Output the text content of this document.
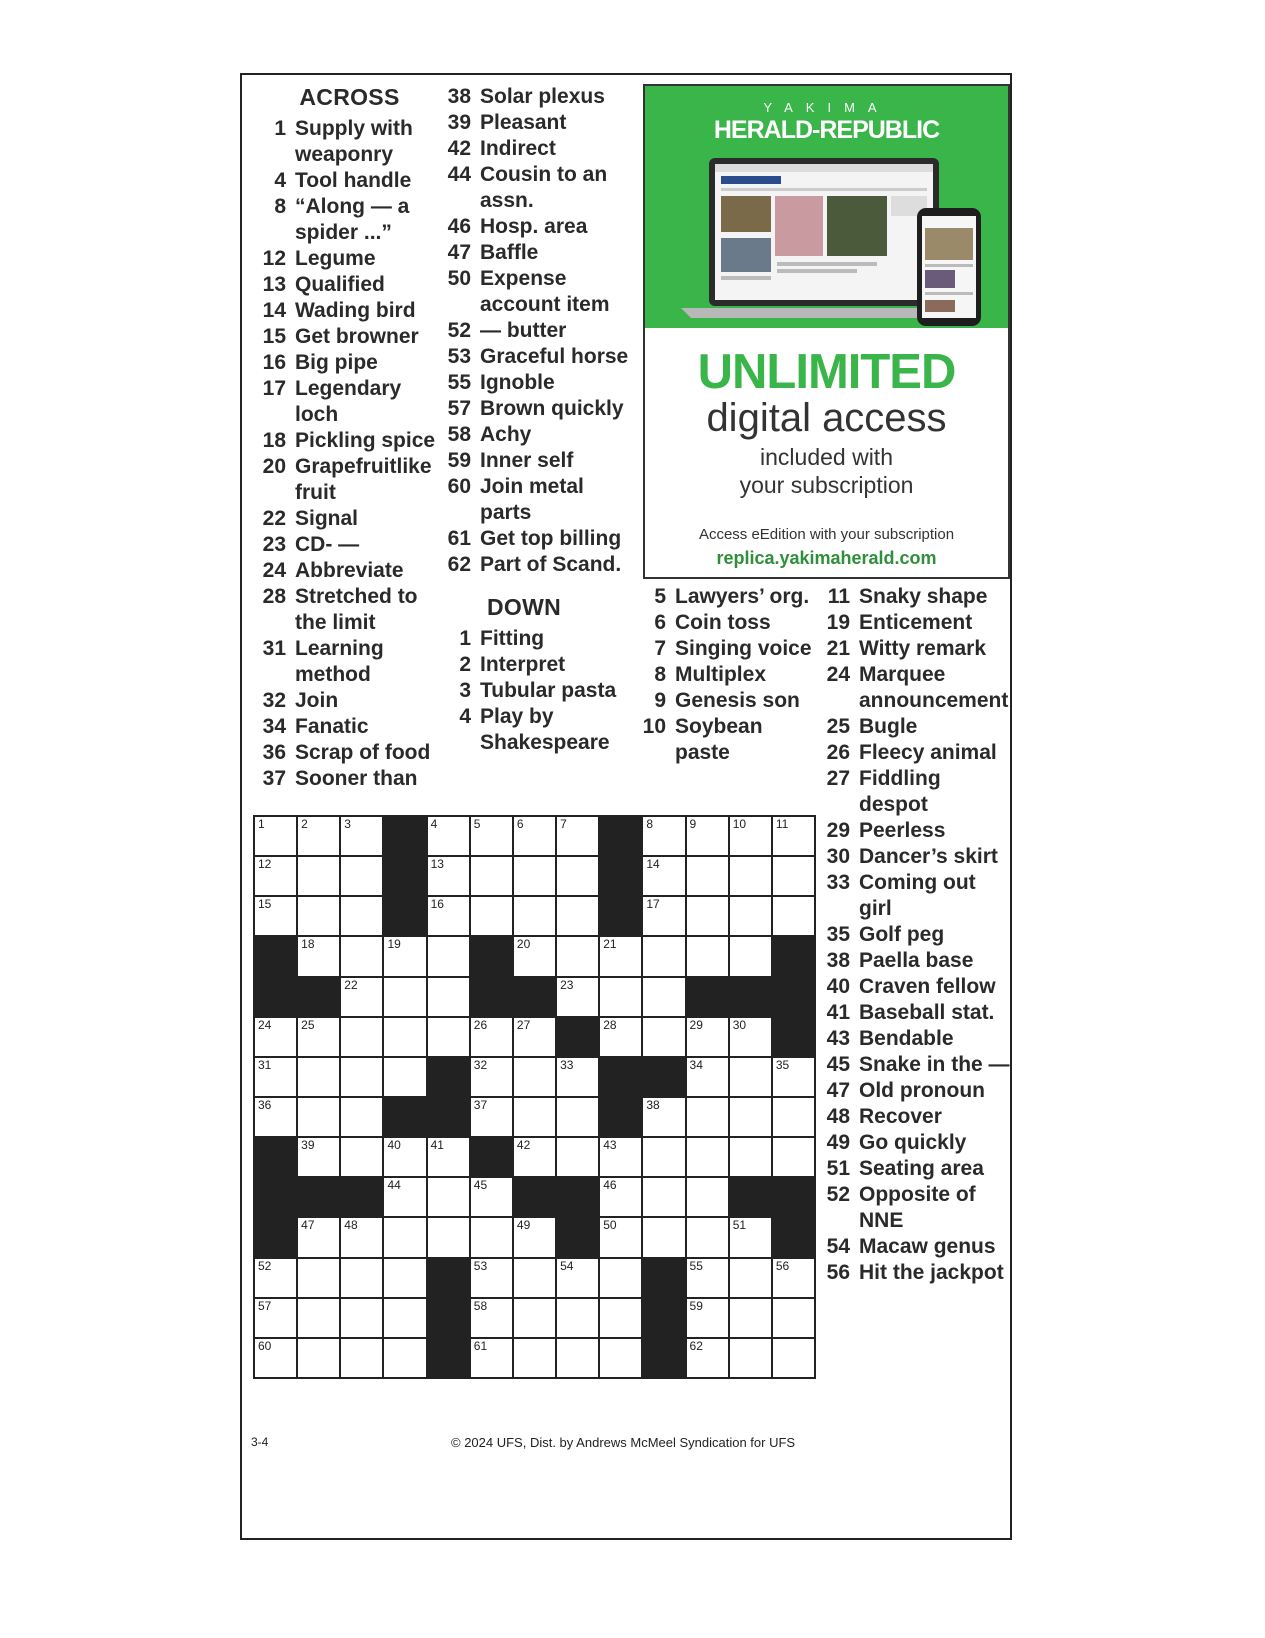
ACROSS
1 Supply with weaponry
4 Tool handle
8 “Along — a spider ...”
12 Legume
13 Qualified
14 Wading bird
15 Get browner
16 Big pipe
17 Legendary loch
18 Pickling spice
20 Grapefruitlike fruit
22 Signal
23 CD- —
24 Abbreviate
28 Stretched to the limit
31 Learning method
32 Join
34 Fanatic
36 Scrap of food
37 Sooner than
38 Solar plexus
39 Pleasant
42 Indirect
44 Cousin to an assn.
46 Hosp. area
47 Baffle
50 Expense account item
52 — butter
53 Graceful horse
55 Ignoble
57 Brown quickly
58 Achy
59 Inner self
60 Join metal parts
61 Get top billing
62 Part of Scand.
DOWN
1 Fitting
2 Interpret
3 Tubular pasta
4 Play by Shakespeare
5 Lawyers’ org.
6 Coin toss
7 Singing voice
8 Multiplex
9 Genesis son
10 Soybean paste
11 Snaky shape
19 Enticement
21 Witty remark
24 Marquee announcement
25 Bugle
26 Fleecy animal
27 Fiddling despot
29 Peerless
30 Dancer’s skirt
33 Coming out girl
35 Golf peg
38 Paella base
40 Craven fellow
41 Baseball stat.
43 Bendable
45 Snake in the —
47 Old pronoun
48 Recover
49 Go quickly
51 Seating area
52 Opposite of NNE
54 Macaw genus
56 Hit the jackpot
YAKIMA
HERALD-REPUBLIC
UNLIMITED
digital access
included with
your subscription
Access eEdition with your subscription
replica.yakimaherald.com
1	2	3	4	5	6	7	8	9	10 11
12	13	14
15	16	17
18	19	20	21
22	23
24 25	26 27	28	29 30
31	32	33	34	35
36	37	38
39	40 41	42	43
44	45	46
47 48	49	50	51
52	53	54	55	56
57	58	59
60	61	62
3-4	© 2024 UFS, Dist. by Andrews McMeel Syndication for UFS
